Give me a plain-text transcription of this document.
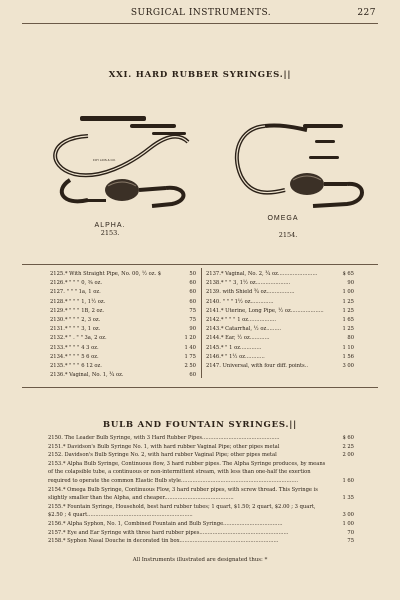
SURGICAL INSTRUMENTS.	227
XXI. HARD RUBBER SYRINGES.||
FOY LIOS & CO.
ALPHA.
2153.
OMEGA
2154.
2125.* With Straight Pipe, No. 00, ½ oz. $	50
2126.* " " " 0, ⅜ oz.	60
2127. " " " 1a, 1 oz.	60
2128.* " " " 1, 1½ oz.	60
2129.* " " " 1B, 2 oz.	75
2130.* " " " 2, 3 oz.	75
2131.* " " " 3, 1 oz.	90
2132.* " . " " 3a, 2 oz.	1 20
2133.* " " " 4 3 oz.	1 40
2134.* " " " 5 6 oz.	1 75
2135.* " " " 6 12 oz.	2 50
2136.* Vaginal, No. 1, ¾ oz.	60
2137.* Vaginal, No. 2, ¾ oz........................	$ 65
2138.* " " 3, 1½ oz.....................	90
2139. with Shield ¾ oz.................	1 00
2140. " " " 1½ oz..............	1 25
2141.* Uterine, Long Pipe, ½ oz....................	1 25
2142.* " " " 1 oz.................	1 65
2143.* Catarrhal, ½ oz.........	1 25
2144.* Ear, ½ oz............	80
2145.* " 1 oz.............	1 10
2146.* " 1½ oz............	1 56
2147. Universal, with four diff. points..	3 00
BULB AND FOUNTAIN SYRINGES.||
2150. The Leader Bulb Syringe, with 3 Hard Rubber Pipes...............................................	$ 60
2151.* Davidson's Bulb Syringe No. 1, with hard rubber Vaginal Pipe; other pipes metal	2 25
2152. Davidson's Bulb Syringe No. 2, with hard rubber Vaginal Pipe; other pipes metal	2 00
2153.* Alpha Bulb Syringe, Continuous flow, 3 hard rubber pipes. The Alpha Syringe produces, by means of the colapsible tube, a continuous or non-intermittent stream, with less than one-half the exertion required to operate the common Elastic Bulb style.......................................................................	1 60
2154.* Omega Bulb Syringe, Continuous Flow, 3 hard rubber pipes, with screw thread. This Syringe is slightly smaller than the Alpha, and cheaper..........................................	1 35
2155.* Fountain Syringe, Household, best hard rubber tubes; 1 quart, $1.50; 2 quart, $2.00 ; 3 quart, $2.50 ; 4 quart................................................................	3 00
2156.* Alpha Syphon, No. 1, Combined Fountain and Bulb Syringe....................................	1 00
2157.* Eye and Ear Syringe with three hard rubber pipes......................................................	70
2158.* Syphon Nasal Douche in decorated tin box............................................................	75
All Instruments illustrated are designated thus: *
